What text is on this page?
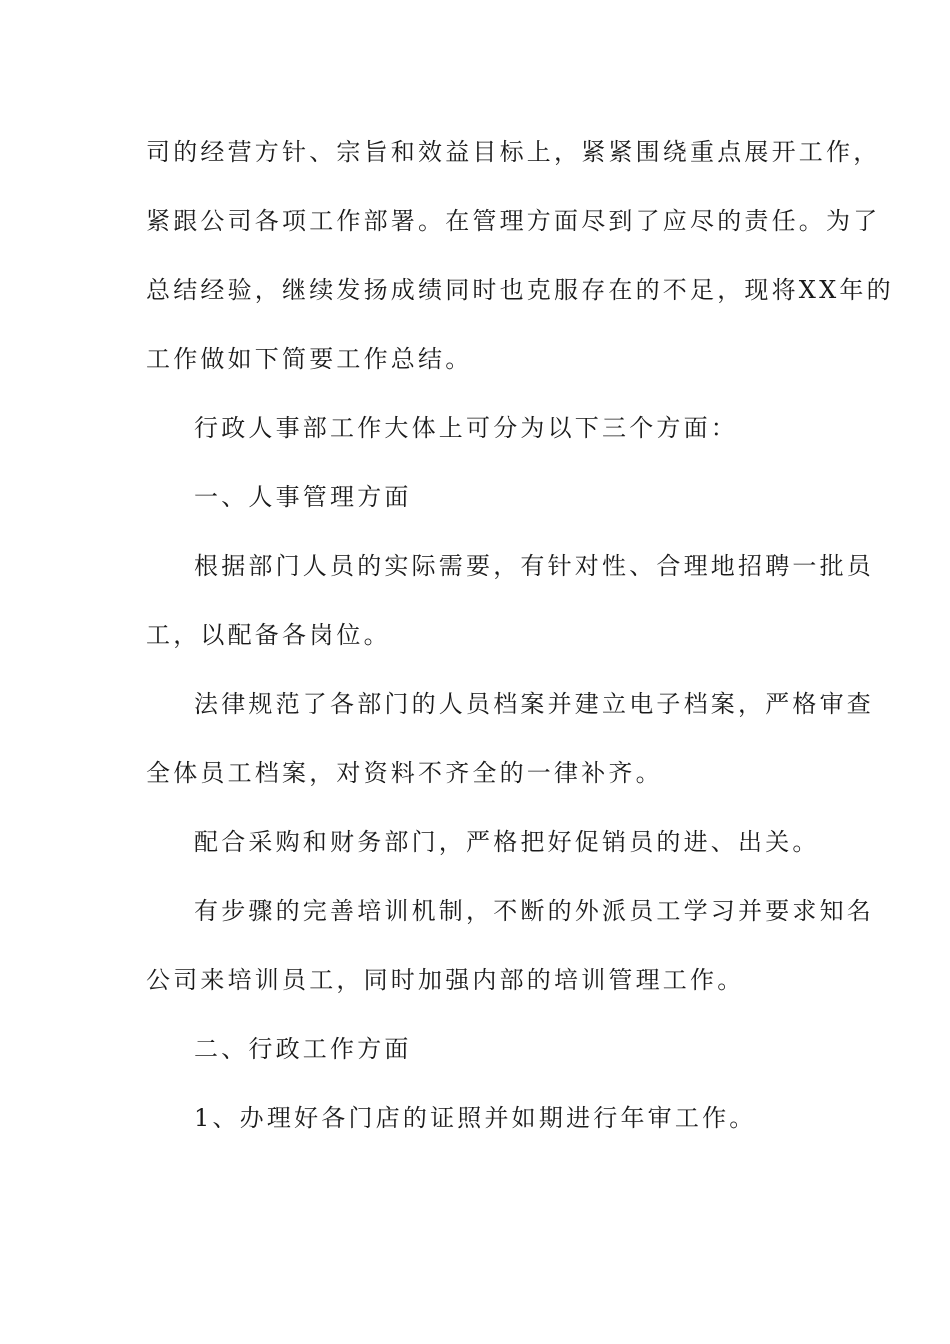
司的经营方针、宗旨和效益目标上，紧紧围绕重点展开工作，
紧跟公司各项工作部署。在管理方面尽到了应尽的责任。为了
总结经验，继续发扬成绩同时也克服存在的不足，现将XX年的
工作做如下简要工作总结。
行政人事部工作大体上可分为以下三个方面：
一、人事管理方面
根据部门人员的实际需要，有针对性、合理地招聘一批员
工，以配备各岗位。
法律规范了各部门的人员档案并建立电子档案，严格审查
全体员工档案，对资料不齐全的一律补齐。
配合采购和财务部门，严格把好促销员的进、出关。
有步骤的完善培训机制，不断的外派员工学习并要求知名
公司来培训员工，同时加强内部的培训管理工作。
二、行政工作方面
1、办理好各门店的证照并如期进行年审工作。
